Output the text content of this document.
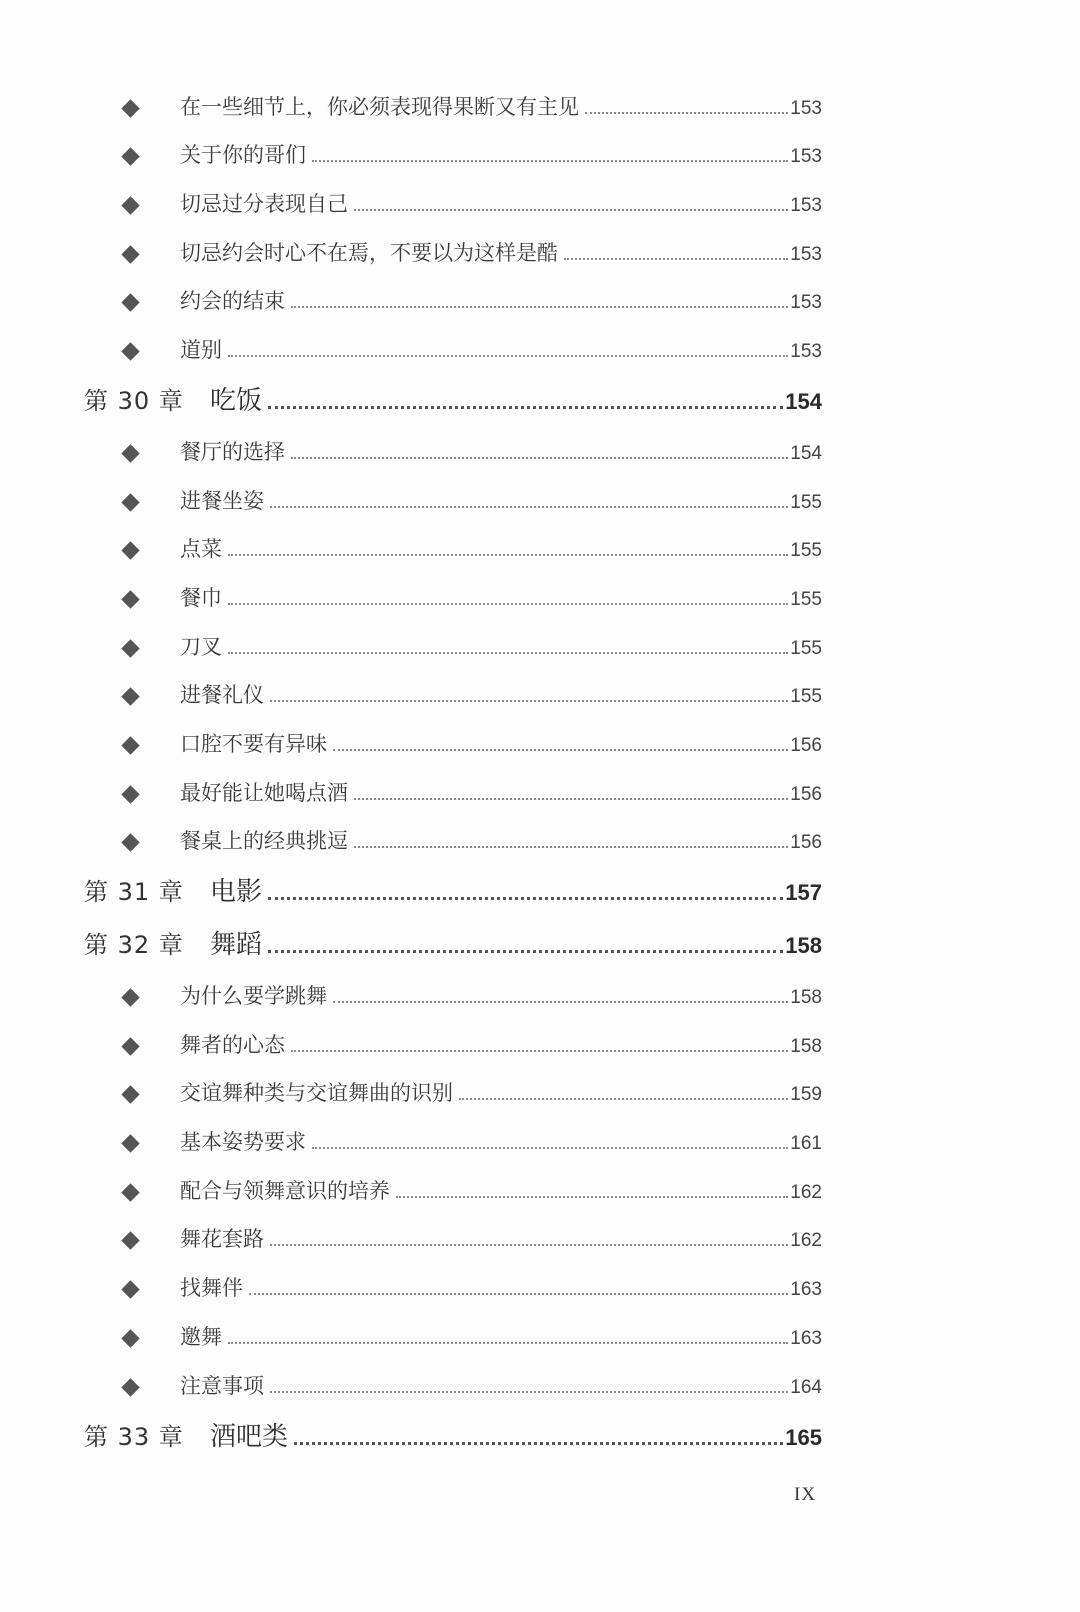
在一些细节上，你必须表现得果断又有主见	153
关于你的哥们	153
切忌过分表现自己	153
切忌约会时心不在焉，不要以为这样是酷	153
约会的结束	153
道别	153
第 30 章	吃饭	154
餐厅的选择	154
进餐坐姿	155
点菜	155
餐巾	155
刀叉	155
进餐礼仪	155
口腔不要有异味	156
最好能让她喝点酒	156
餐桌上的经典挑逗	156
第 31 章	电影	157
第 32 章	舞蹈	158
为什么要学跳舞	158
舞者的心态	158
交谊舞种类与交谊舞曲的识别	159
基本姿势要求	161
配合与领舞意识的培养	162
舞花套路	162
找舞伴	163
邀舞	163
注意事项	164
第 33 章	酒吧类	165
IX
